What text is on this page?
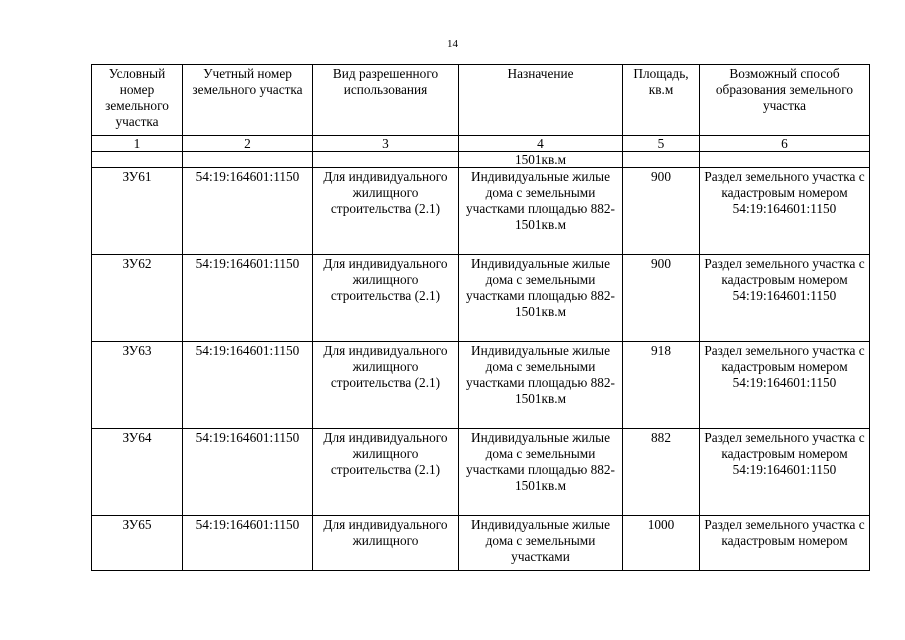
14
Условный номер земельного участка	Учетный номер земельного участка	Вид разрешенного использования	Назначение	Площадь, кв.м	Возможный способ образования земельного участка
1	2	3	4	5	6
			1501кв.м		
ЗУ61	54:19:164601:1150	Для индивидуального жилищного строительства (2.1)	Индивидуальные жилые дома с земельными участками площадью 882-1501кв.м	900	Раздел земельного участка с кадастровым номером 54:19:164601:1150
ЗУ62	54:19:164601:1150	Для индивидуального жилищного строительства (2.1)	Индивидуальные жилые дома с земельными участками площадью 882-1501кв.м	900	Раздел земельного участка с кадастровым номером 54:19:164601:1150
ЗУ63	54:19:164601:1150	Для индивидуального жилищного строительства (2.1)	Индивидуальные жилые дома с земельными участками площадью 882-1501кв.м	918	Раздел земельного участка с кадастровым номером 54:19:164601:1150
ЗУ64	54:19:164601:1150	Для индивидуального жилищного строительства (2.1)	Индивидуальные жилые дома с земельными участками площадью 882-1501кв.м	882	Раздел земельного участка с кадастровым номером 54:19:164601:1150
ЗУ65	54:19:164601:1150	Для индивидуального жилищного	Индивидуальные жилые дома с земельными участками	1000	Раздел земельного участка с кадастровым номером
